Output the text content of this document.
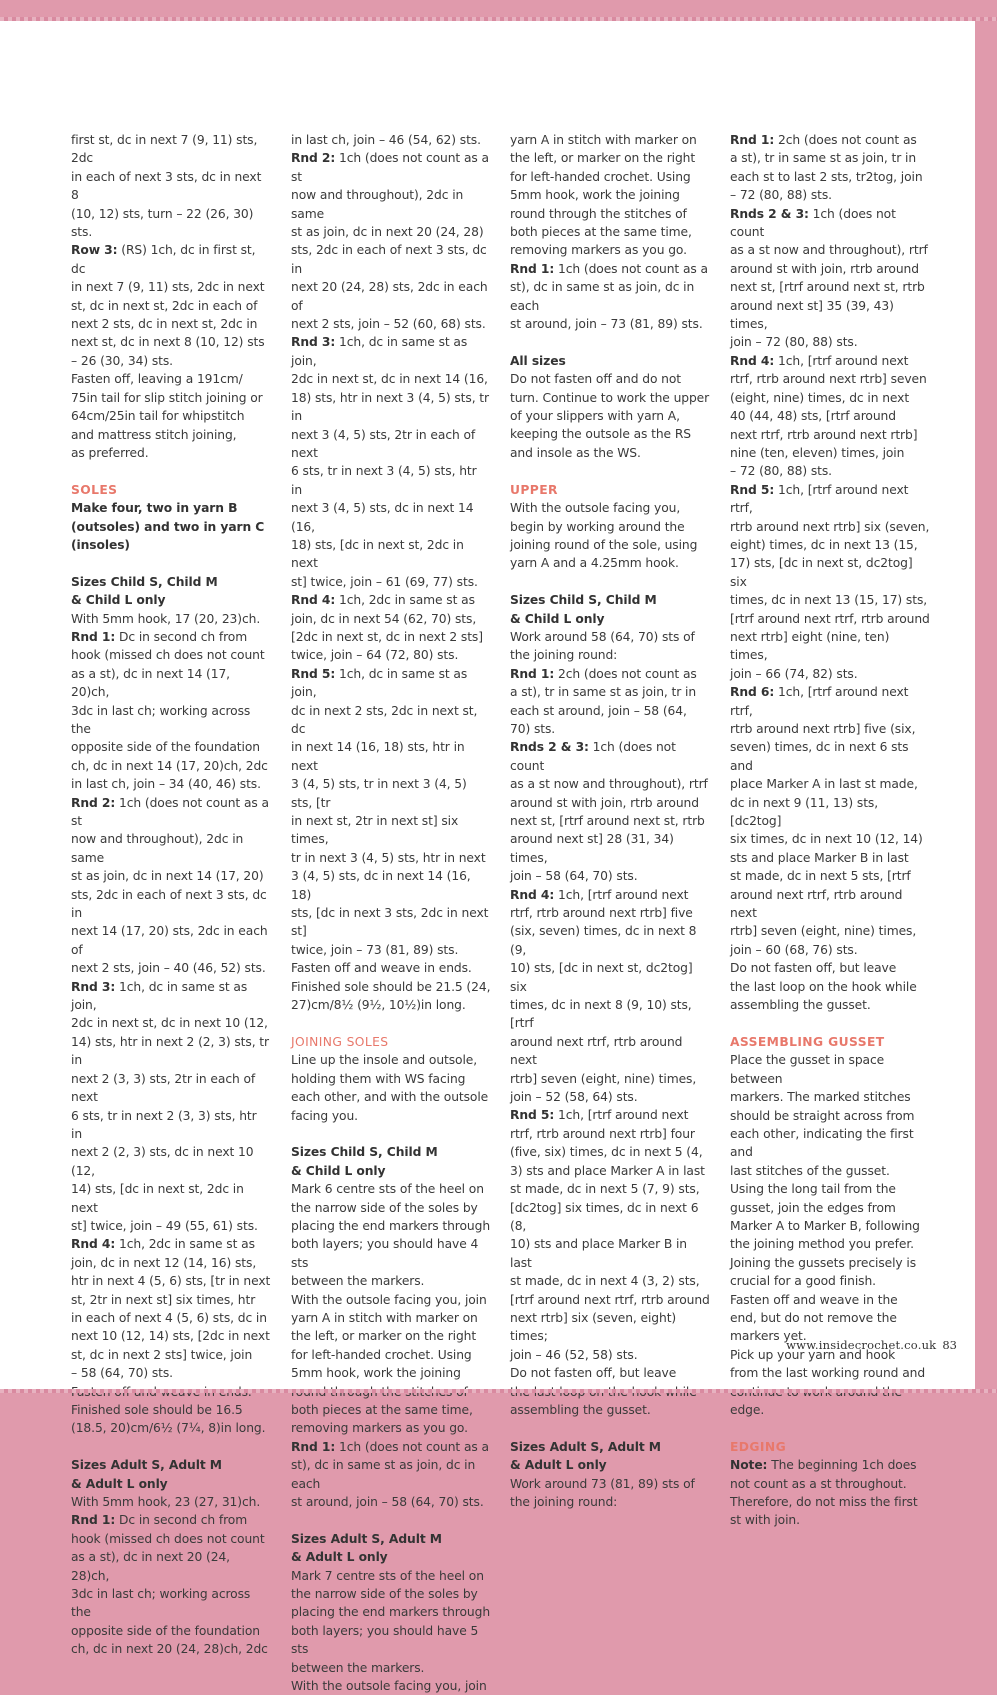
first st, dc in next 7 (9, 11) sts, 2dc

in each of next 3 sts, dc in next 8

(10, 12) sts, turn – 22 (26, 30) sts.

Row 3: (RS) 1ch, dc in first st, dc

in next 7 (9, 11) sts, 2dc in next

st, dc in next st, 2dc in each of

next 2 sts, dc in next st, 2dc in

next st, dc in next 8 (10, 12) sts

– 26 (30, 34) sts.

Fasten off, leaving a 191cm/

75in tail for slip stitch joining or

64cm/25in tail for whipstitch

and mattress stitch joining,

as preferred.

SOLES

Make four, two in yarn B

(outsoles) and two in yarn C

(insoles)

Sizes Child S, Child M

& Child L only

With 5mm hook, 17 (20, 23)ch.

Rnd 1: Dc in second ch from

hook (missed ch does not count

as a st), dc in next 14 (17, 20)ch,

3dc in last ch; working across the

opposite side of the foundation

ch, dc in next 14 (17, 20)ch, 2dc

in last ch, join – 34 (40, 46) sts.

Rnd 2: 1ch (does not count as a st

now and throughout), 2dc in same

st as join, dc in next 14 (17, 20)

sts, 2dc in each of next 3 sts, dc in

next 14 (17, 20) sts, 2dc in each of

next 2 sts, join – 40 (46, 52) sts.

Rnd 3: 1ch, dc in same st as join,

2dc in next st, dc in next 10 (12,

14) sts, htr in next 2 (2, 3) sts, tr in

next 2 (3, 3) sts, 2tr in each of next

6 sts, tr in next 2 (3, 3) sts, htr in

next 2 (2, 3) sts, dc in next 10 (12,

14) sts, [dc in next st, 2dc in next

st] twice, join – 49 (55, 61) sts.

Rnd 4: 1ch, 2dc in same st as

join, dc in next 12 (14, 16) sts,

htr in next 4 (5, 6) sts, [tr in next

st, 2tr in next st] six times, htr

in each of next 4 (5, 6) sts, dc in

next 10 (12, 14) sts, [2dc in next

st, dc in next 2 sts] twice, join

– 58 (64, 70) sts.

Finished sole should be 16.5

(18.5, 20)cm/6½ (7¼, 8)in long.

Sizes Adult S, Adult M

& Adult L only

With 5mm hook, 23 (27, 31)ch.

Rnd 1: Dc in second ch from

hook (missed ch does not count

as a st), dc in next 20 (24, 28)ch,

3dc in last ch; working across the

opposite side of the foundation

ch, dc in next 20 (24, 28)ch, 2dc

in last ch, join – 46 (54, 62) sts.

Rnd 2: 1ch (does not count as a st

now and throughout), 2dc in same

st as join, dc in next 20 (24, 28)

sts, 2dc in each of next 3 sts, dc in

next 20 (24, 28) sts, 2dc in each of

next 2 sts, join – 52 (60, 68) sts.

Rnd 3: 1ch, dc in same st as join,

2dc in next st, dc in next 14 (16,

18) sts, htr in next 3 (4, 5) sts, tr in

next 3 (4, 5) sts, 2tr in each of next

6 sts, tr in next 3 (4, 5) sts, htr in

next 3 (4, 5) sts, dc in next 14 (16,

18) sts, [dc in next st, 2dc in next

st] twice, join – 61 (69, 77) sts.

Rnd 4: 1ch, 2dc in same st as

join, dc in next 54 (62, 70) sts,

[2dc in next st, dc in next 2 sts]

twice, join – 64 (72, 80) sts.

Rnd 5: 1ch, dc in same st as join,

dc in next 2 sts, 2dc in next st, dc

in next 14 (16, 18) sts, htr in next

3 (4, 5) sts, tr in next 3 (4, 5) sts, [tr

in next st, 2tr in next st] six times,

tr in next 3 (4, 5) sts, htr in next

3 (4, 5) sts, dc in next 14 (16, 18)

sts, [dc in next 3 sts, 2dc in next st]

twice, join – 73 (81, 89) sts.

Fasten off and weave in ends.

Finished sole should be 21.5 (24,

27)cm/8½ (9½, 10½)in long.

JOINING SOLES

Line up the insole and outsole,

holding them with WS facing

each other, and with the outsole

facing you.

Sizes Child S, Child M

& Child L only

Mark 6 centre sts of the heel on

the narrow side of the soles by

placing the end markers through

both layers; you should have 4 sts

between the markers.

With the outsole facing you, join

yarn A in stitch with marker on

the left, or marker on the right

for left-handed crochet. Using

5mm hook, work the joining

both pieces at the same time,

removing markers as you go.

Rnd 1: 1ch (does not count as a

st), dc in same st as join, dc in each

st around, join – 58 (64, 70) sts.

Sizes Adult S, Adult M

& Adult L only

Mark 7 centre sts of the heel on

the narrow side of the soles by

placing the end markers through

both layers; you should have 5 sts

between the markers.

With the outsole facing you, join

yarn A in stitch with marker on

the left, or marker on the right

for left-handed crochet. Using

5mm hook, work the joining

round through the stitches of

both pieces at the same time,

removing markers as you go.

Rnd 1: 1ch (does not count as a

st), dc in same st as join, dc in each

st around, join – 73 (81, 89) sts.

All sizes

Do not fasten off and do not

turn. Continue to work the upper

of your slippers with yarn A,

keeping the outsole as the RS

and insole as the WS.

UPPER

With the outsole facing you,

begin by working around the

joining round of the sole, using

yarn A and a 4.25mm hook.

Sizes Child S, Child M

& Child L only

Work around 58 (64, 70) sts of

the joining round:

Rnd 1: 2ch (does not count as

a st), tr in same st as join, tr in

each st around, join – 58 (64,

70) sts.

Rnds 2 & 3: 1ch (does not count

as a st now and throughout), rtrf

around st with join, rtrb around

next st, [rtrf around next st, rtrb

around next st] 28 (31, 34) times,

join – 58 (64, 70) sts.

Rnd 4: 1ch, [rtrf around next

rtrf, rtrb around next rtrb] five

(six, seven) times, dc in next 8 (9,

10) sts, [dc in next st, dc2tog] six

times, dc in next 8 (9, 10) sts, [rtrf

around next rtrf, rtrb around next

rtrb] seven (eight, nine) times,

join – 52 (58, 64) sts.

Rnd 5: 1ch, [rtrf around next

rtrf, rtrb around next rtrb] four

(five, six) times, dc in next 5 (4,

3) sts and place Marker A in last

st made, dc in next 5 (7, 9) sts,

[dc2tog] six times, dc in next 6 (8,

10) sts and place Marker B in last

st made, dc in next 4 (3, 2) sts,

[rtrf around next rtrf, rtrb around

next rtrb] six (seven, eight) times;

join – 46 (52, 58) sts.

Do not fasten off, but leave

assembling the gusset.

Sizes Adult S, Adult M

& Adult L only

Work around 73 (81, 89) sts of

the joining round:

Rnd 1: 2ch (does not count as

a st), tr in same st as join, tr in

each st to last 2 sts, tr2tog, join

– 72 (80, 88) sts.

Rnds 2 & 3: 1ch (does not count

as a st now and throughout), rtrf

around st with join, rtrb around

next st, [rtrf around next st, rtrb

around next st] 35 (39, 43) times,

join – 72 (80, 88) sts.

Rnd 4: 1ch, [rtrf around next

rtrf, rtrb around next rtrb] seven

(eight, nine) times, dc in next

40 (44, 48) sts, [rtrf around

next rtrf, rtrb around next rtrb]

nine (ten, eleven) times, join

– 72 (80, 88) sts.

Rnd 5: 1ch, [rtrf around next rtrf,

rtrb around next rtrb] six (seven,

eight) times, dc in next 13 (15,

17) sts, [dc in next st, dc2tog] six

times, dc in next 13 (15, 17) sts,

[rtrf around next rtrf, rtrb around

next rtrb] eight (nine, ten) times,

join – 66 (74, 82) sts.

Rnd 6: 1ch, [rtrf around next rtrf,

rtrb around next rtrb] five (six,

seven) times, dc in next 6 sts and

place Marker A in last st made,

dc in next 9 (11, 13) sts, [dc2tog]

six times, dc in next 10 (12, 14)

sts and place Marker B in last

st made, dc in next 5 sts, [rtrf

around next rtrf, rtrb around next

rtrb] seven (eight, nine) times,

join – 60 (68, 76) sts.

Do not fasten off, but leave

the last loop on the hook while

assembling the gusset.

ASSEMBLING GUSSET

Place the gusset in space between

markers. The marked stitches

should be straight across from

each other, indicating the first and

last stitches of the gusset.

Using the long tail from the

gusset, join the edges from

Marker A to Marker B, following

the joining method you prefer.

Joining the gussets precisely is

crucial for a good finish.

Fasten off and weave in the

end, but do not remove the

markers yet.

Pick up your yarn and hook

from the last working round and

edge.

EDGING

Note: The beginning 1ch does

not count as a st throughout.

Therefore, do not miss the first

st with join.

www.insidecrochet.co.uk 83
